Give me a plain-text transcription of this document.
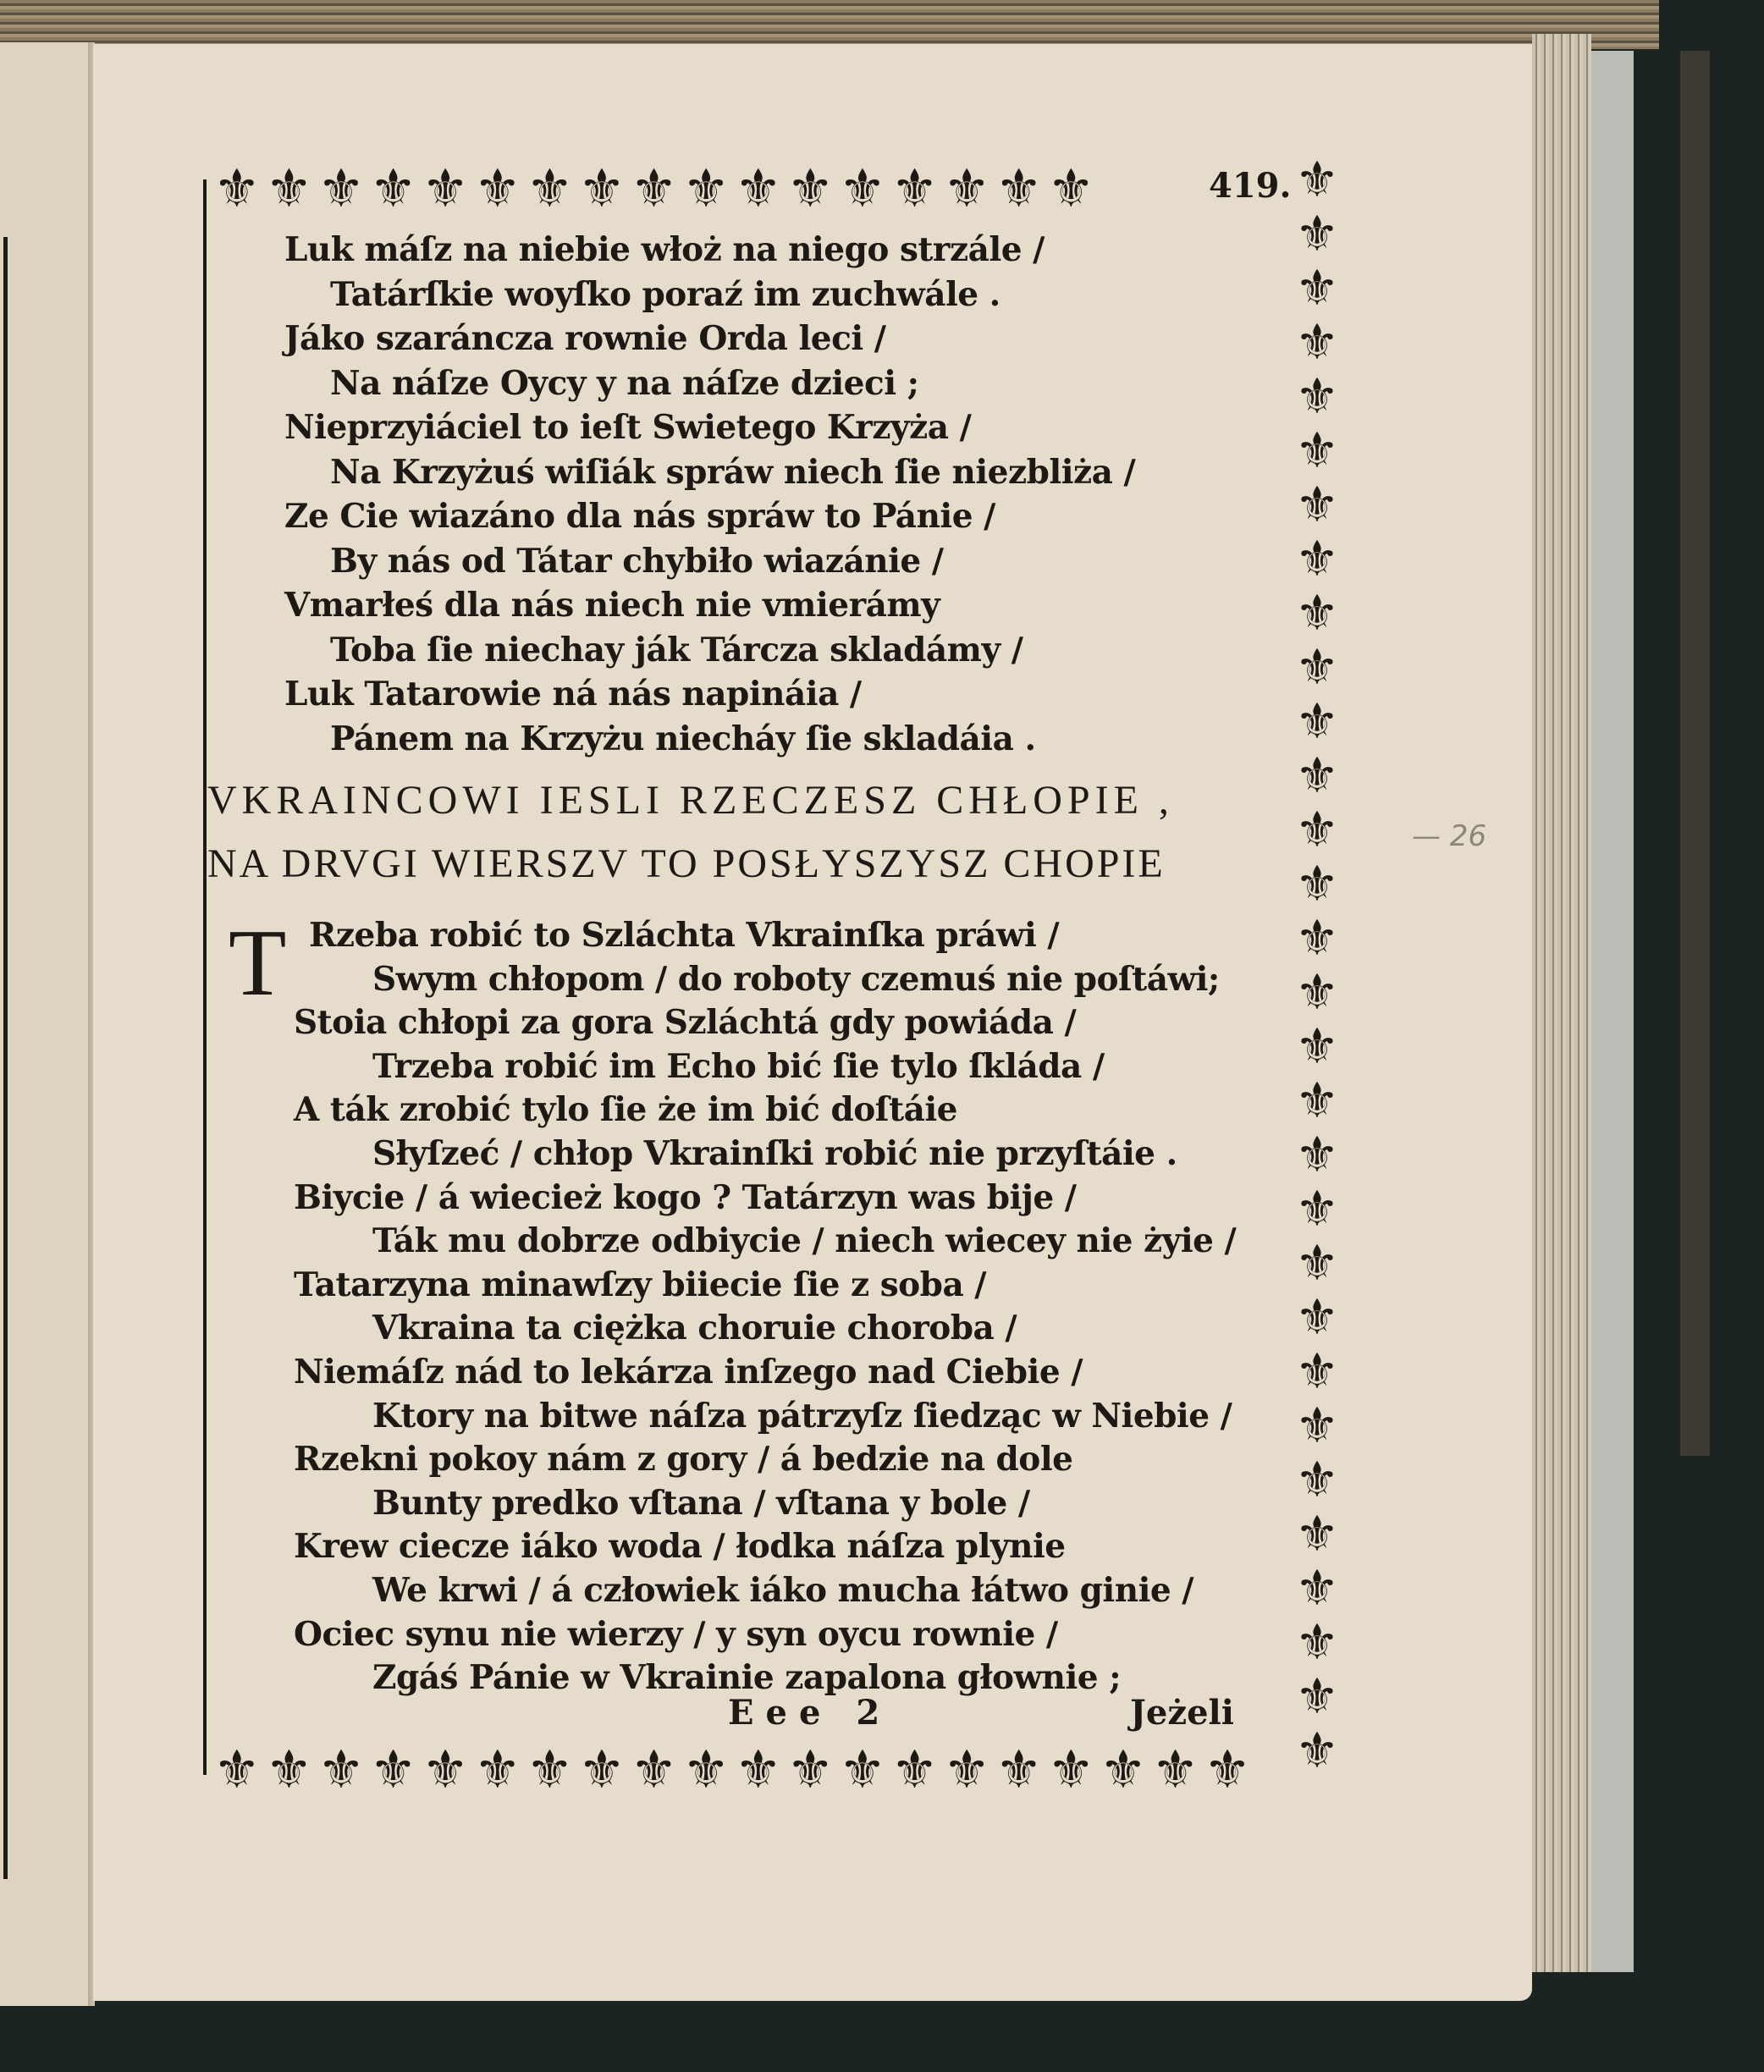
⚜ ⚜ ⚜ ⚜ ⚜ ⚜ ⚜ ⚜ ⚜ ⚜ ⚜ ⚜ ⚜ ⚜ ⚜ ⚜ ⚜	419. ⚜
⚜
⚜
⚜
⚜
⚜
⚜
⚜
⚜
⚜
⚜
⚜
⚜
⚜
⚜
⚜
⚜
⚜
⚜
⚜
⚜
⚜
⚜
⚜
⚜
⚜
⚜
⚜
⚜
⚜
⚜ ⚜ ⚜ ⚜ ⚜ ⚜ ⚜ ⚜ ⚜ ⚜ ⚜ ⚜ ⚜ ⚜ ⚜ ⚜ ⚜ ⚜ ⚜ ⚜
Luk máſz na niebie włoż na niego strzále /
Tatárſkie woyſko poraź im zuchwále .
Jáko szaráncza rownie Orda leci /
Na náſze Oycy y na náſze dzieci ;
Nieprzyiáciel to ieſt Swietego Krzyża /
Na Krzyżuś wiſiák spráw niech ſie niezbliża /
Ze Cie wiazáno dla nás spráw to Pánie /
By nás od Tátar chybiło wiazánie /
Vmarłeś dla nás niech nie vmierámy
Toba ſie niechay ják Tárcza skladámy /
Luk Tatarowie ná nás napináia /
Pánem na Krzyżu niecháy ſie skladáia .
VKRAINCOWI IESLI RZECZESZ CHŁOPIE ,
NA DRVGI WIERSZV TO POSŁYSZYSZ CHOPIE
T Rzeba robić to Szláchta Vkrainſka práwi /
Swym chłopom / do roboty czemuś nie poſtáwi;
Stoia chłopi za gora Szláchtá gdy powiáda /
Trzeba robić im Echo bić ſie tylo ſkláda /
A ták zrobić tylo ſie że im bić doſtáie
Słyſzeć / chłop Vkrainſki robić nie przyſtáie .
Biycie / á wiecież kogo ? Tatárzyn was bije /
Ták mu dobrze odbiycie / niech wiecey nie żyie /
Tatarzyna minawſzy biiecie ſie z soba /
Vkraina ta ciężka choruie choroba /
Niemáſz nád to lekárza inſzego nad Ciebie /
Ktory na bitwe náſza pátrzyſz ſiedząc w Niebie /
Rzekni pokoy nám z gory / á bedzie na dole
Bunty predko vſtana / vſtana y bole /
Krew ciecze iáko woda / łodka náſza plynie
We krwi / á człowiek iáko mucha łátwo ginie /
Ociec synu nie wierzy / y syn oycu rownie /
Zgáś Pánie w Vkrainie zapalona głownie ;
Eee 2	Jeżeli
— 26
